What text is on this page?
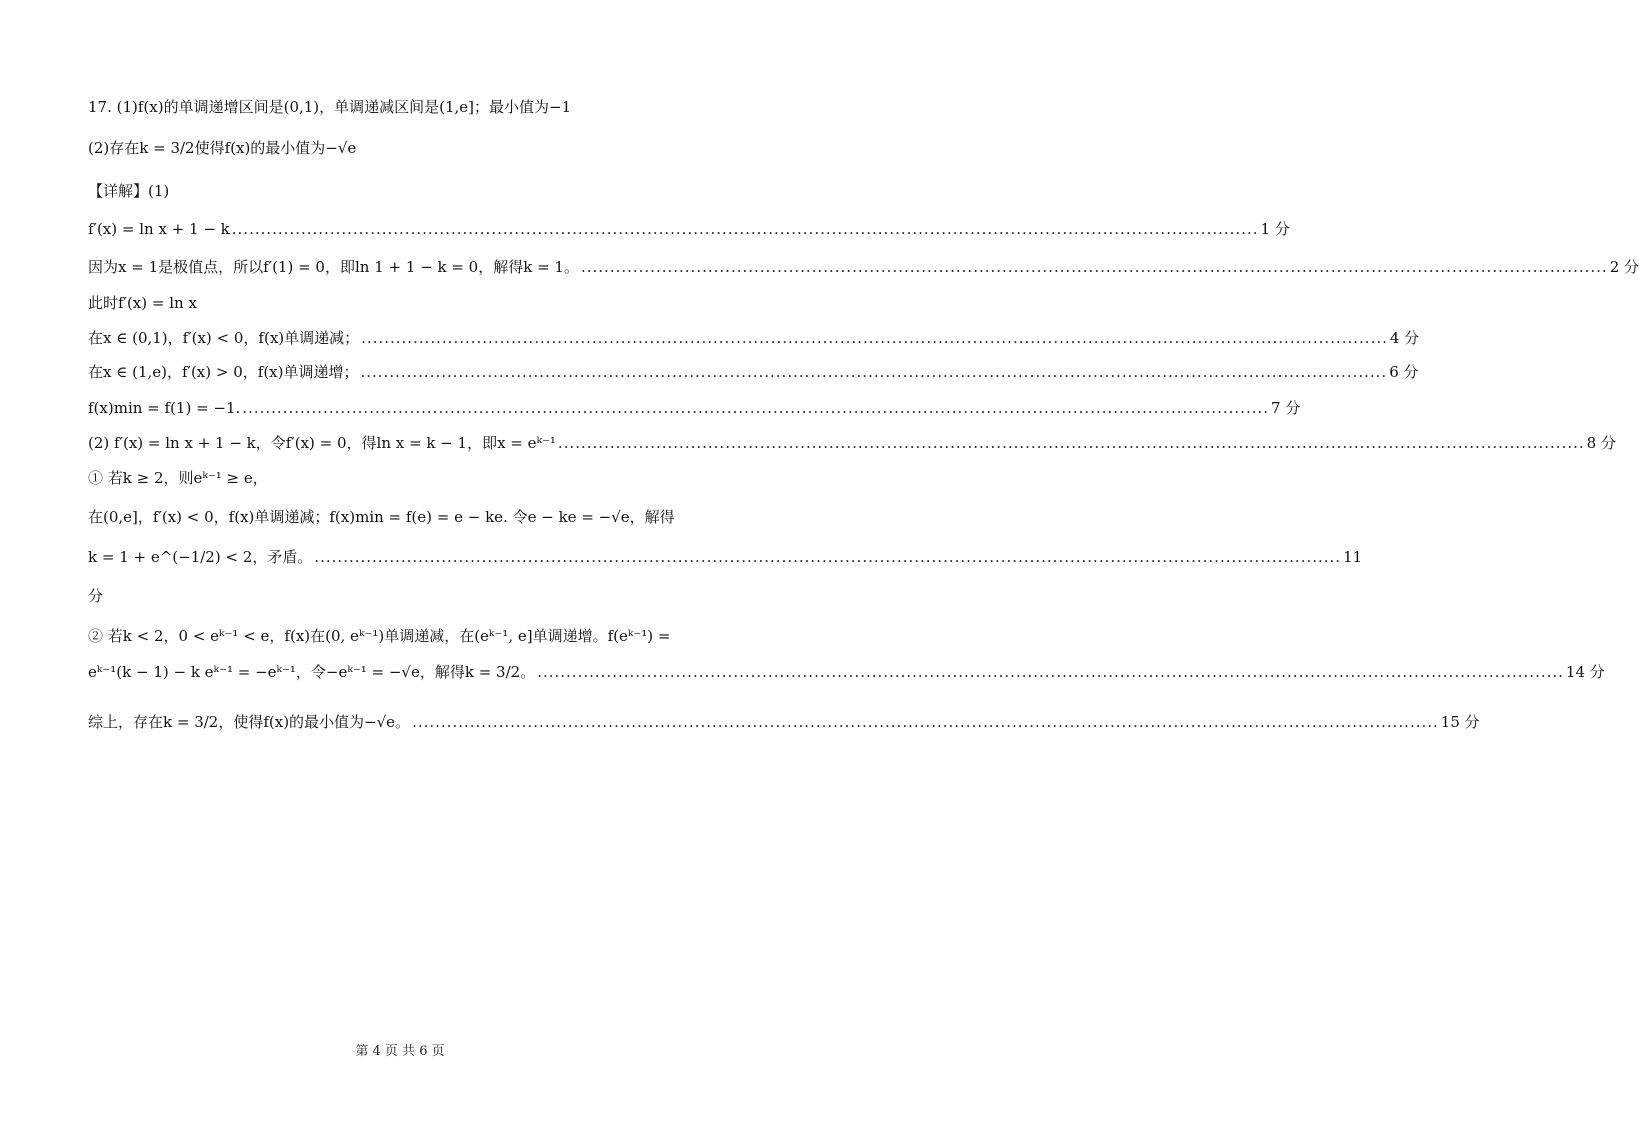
17. (1)f(x)的单调递增区间是(0,1)，单调递减区间是(1,e]；最小值为−1
(2)存在k = 3/2使得f(x)的最小值为−√e
【详解】(1)
f′(x) = ln x + 1 − k .....	1 分
因为x = 1是极值点，所以f′(1) = 0，即ln 1 + 1 − k = 0，解得k = 1。 .....	2 分
此时f′(x) = ln x
在x ∈ (0,1)，f′(x) < 0，f(x)单调递减； .....	4 分
在x ∈ (1,e)，f′(x) > 0，f(x)单调递增； .....	6 分
f(x)min = f(1) = −1. .....	7 分
(2) f′(x) = ln x + 1 − k，令f′(x) = 0，得ln x = k − 1，即x = eᵏ⁻¹ .....	8 分
① 若k ≥ 2，则eᵏ⁻¹ ≥ e，
在(0,e]，f′(x) < 0，f(x)单调递减；f(x)min = f(e) = e − ke. 令e − ke = −√e，解得
k = 1 + e^(−1/2) < 2，矛盾。 .....	11
分
② 若k < 2，0 < eᵏ⁻¹ < e，f(x)在(0, eᵏ⁻¹)单调递减，在(eᵏ⁻¹, e]单调递增。f(eᵏ⁻¹) =
eᵏ⁻¹(k − 1) − k eᵏ⁻¹ = −eᵏ⁻¹，令−eᵏ⁻¹ = −√e，解得k = 3/2。 .....	14 分
综上，存在k = 3/2，使得f(x)的最小值为−√e。 .....	15 分
第 4 页 共 6 页
